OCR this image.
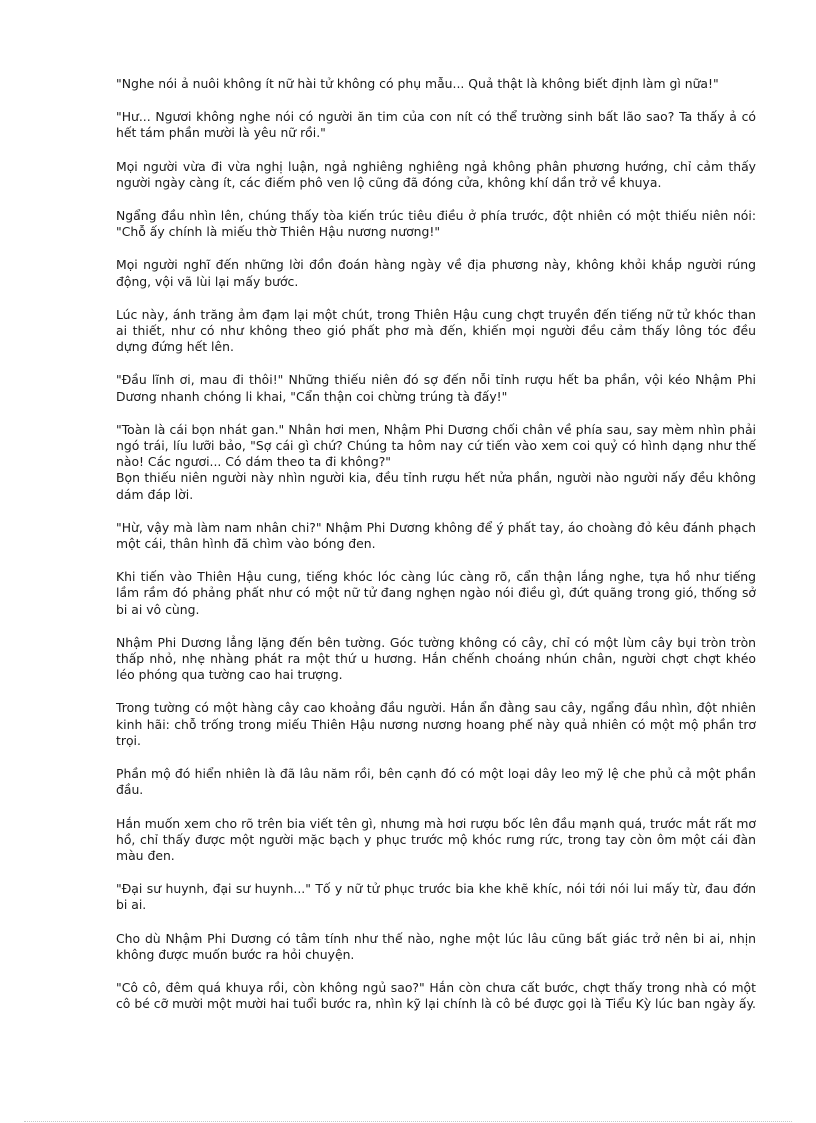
"Nghe nói ả nuôi không ít nữ hài tử không có phụ mẫu... Quả thật là không biết định làm gì nữa!"

"Hư... Ngươi không nghe nói có người ăn tim của con nít có thể trường sinh bất lão sao? Ta thấy ả có hết tám phần mười là yêu nữ rồi."

Mọi người vừa đi vừa nghị luận, ngả nghiêng nghiêng ngả không phân phương hướng, chỉ cảm thấy người ngày càng ít, các điếm phô ven lộ cũng đã đóng cửa, không khí dần trở về khuya.

Ngẩng đầu nhìn lên, chúng thấy tòa kiến trúc tiêu điều ở phía trước, đột nhiên có một thiếu niên nói: "Chỗ ấy chính là miếu thờ Thiên Hậu nương nương!"

Mọi người nghĩ đến những lời đồn đoán hàng ngày về địa phương này, không khỏi khắp người rúng động, vội vã lùi lại mấy bước.

Lúc này, ánh trăng ảm đạm lại một chút, trong Thiên Hậu cung chợt truyền đến tiếng nữ tử khóc than ai thiết, như có như không theo gió phất phơ mà đến, khiến mọi người đều cảm thấy lông tóc đều dựng đứng hết lên.

"Đầu lĩnh ơi, mau đi thôi!" Những thiếu niên đó sợ đến nỗi tỉnh rượu hết ba phần, vội kéo Nhậm Phi Dương nhanh chóng li khai, "Cẩn thận coi chừng trúng tà đấy!"

"Toàn là cái bọn nhát gan." Nhân hơi men, Nhậm Phi Dương chối chân về phía sau, say mèm nhìn phải ngó trái, líu lưỡi bảo, "Sợ cái gì chứ? Chúng ta hôm nay cứ tiến vào xem coi quỷ có hình dạng như thế nào! Các ngươi... Có dám theo ta đi không?"
Bọn thiếu niên người này nhìn người kia, đều tỉnh rượu hết nửa phần, người nào người nấy đều không dám đáp lời.

"Hừ, vậy mà làm nam nhân chi?" Nhậm Phi Dương không để ý phất tay, áo choàng đỏ kêu đánh phạch một cái, thân hình đã chìm vào bóng đen.

Khi tiến vào Thiên Hậu cung, tiếng khóc lóc càng lúc càng rõ, cẩn thận lắng nghe, tựa hồ như tiếng lầm rầm đó phảng phất như có một nữ tử đang nghẹn ngào nói điều gì, đứt quãng trong gió, thống sở bi ai vô cùng.

Nhậm Phi Dương lẳng lặng đến bên tường. Góc tường không có cây, chỉ có một lùm cây bụi tròn tròn thấp nhỏ, nhẹ nhàng phát ra một thứ u hương. Hắn chếnh choáng nhún chân, người chợt chợt khéo léo phóng qua tường cao hai trượng.

Trong tường có một hàng cây cao khoảng đầu người. Hắn ẩn đằng sau cây, ngẩng đầu nhìn, đột nhiên kinh hãi: chỗ trống trong miếu Thiên Hậu nương nương hoang phế này quả nhiên có một mộ phần trơ trọi.

Phần mộ đó hiển nhiên là đã lâu năm rồi, bên cạnh đó có một loại dây leo mỹ lệ che phủ cả một phần đầu.

Hắn muốn xem cho rõ trên bia viết tên gì, nhưng mà hơi rượu bốc lên đầu mạnh quá, trước mắt rất mơ hồ, chỉ thấy được một người mặc bạch y phục trước mộ khóc rưng rức, trong tay còn ôm một cái đàn màu đen.

"Đại sư huynh, đại sư huynh..." Tố y nữ tử phục trước bia khe khẽ khíc, nói tới nói lui mấy từ, đau đớn bi ai.

Cho dù Nhậm Phi Dương có tâm tính như thế nào, nghe một lúc lâu cũng bất giác trở nên bi ai, nhịn không được muốn bước ra hỏi chuyện.

"Cô cô, đêm quá khuya rồi, còn không ngủ sao?" Hắn còn chưa cất bước, chợt thấy trong nhà có một cô bé cỡ mười một mười hai tuổi bước ra, nhìn kỹ lại chính là cô bé được gọi là Tiểu Kỳ lúc ban ngày ấy.
